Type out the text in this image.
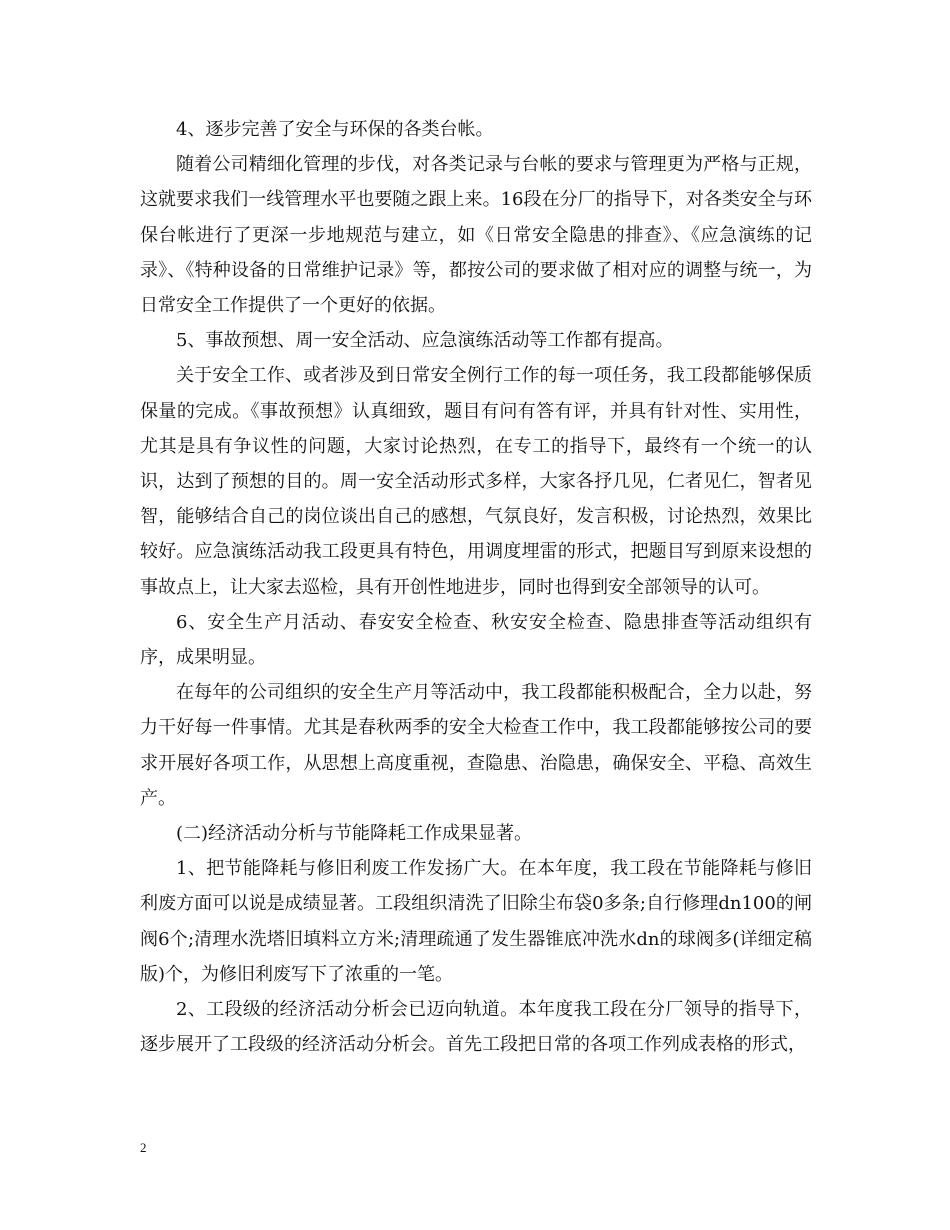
4、逐步完善了安全与环保的各类台帐。

随着公司精细化管理的步伐，对各类记录与台帐的要求与管理更为严格与正规，这就要求我们一线管理水平也要随之跟上来。16段在分厂的指导下，对各类安全与环保台帐进行了更深一步地规范与建立，如《日常安全隐患的排查》、《应急演练的记录》、《特种设备的日常维护记录》等，都按公司的要求做了相对应的调整与统一，为日常安全工作提供了一个更好的依据。

5、事故预想、周一安全活动、应急演练活动等工作都有提高。

关于安全工作、或者涉及到日常安全例行工作的每一项任务，我工段都能够保质保量的完成。《事故预想》认真细致，题目有问有答有评，并具有针对性、实用性，尤其是具有争议性的问题，大家讨论热烈，在专工的指导下，最终有一个统一的认识，达到了预想的目的。周一安全活动形式多样，大家各抒几见，仁者见仁，智者见智，能够结合自己的岗位谈出自己的感想，气氛良好，发言积极，讨论热烈，效果比较好。应急演练活动我工段更具有特色，用调度埋雷的形式，把题目写到原来设想的事故点上，让大家去巡检，具有开创性地进步，同时也得到安全部领导的认可。

6、安全生产月活动、春安安全检查、秋安安全检查、隐患排查等活动组织有序，成果明显。

在每年的公司组织的安全生产月等活动中，我工段都能积极配合，全力以赴，努力干好每一件事情。尤其是春秋两季的安全大检查工作中，我工段都能够按公司的要求开展好各项工作，从思想上高度重视，查隐患、治隐患，确保安全、平稳、高效生产。

(二)经济活动分析与节能降耗工作成果显著。

1、把节能降耗与修旧利废工作发扬广大。在本年度，我工段在节能降耗与修旧利废方面可以说是成绩显著。工段组织清洗了旧除尘布袋0多条;自行修理dn100的闸阀6个;清理水洗塔旧填料立方米;清理疏通了发生器锥底冲洗水dn的球阀多(详细定稿版)个，为修旧利废写下了浓重的一笔。

2、工段级的经济活动分析会已迈向轨道。本年度我工段在分厂领导的指导下，逐步展开了工段级的经济活动分析会。首先工段把日常的各项工作列成表格的形式，

2
